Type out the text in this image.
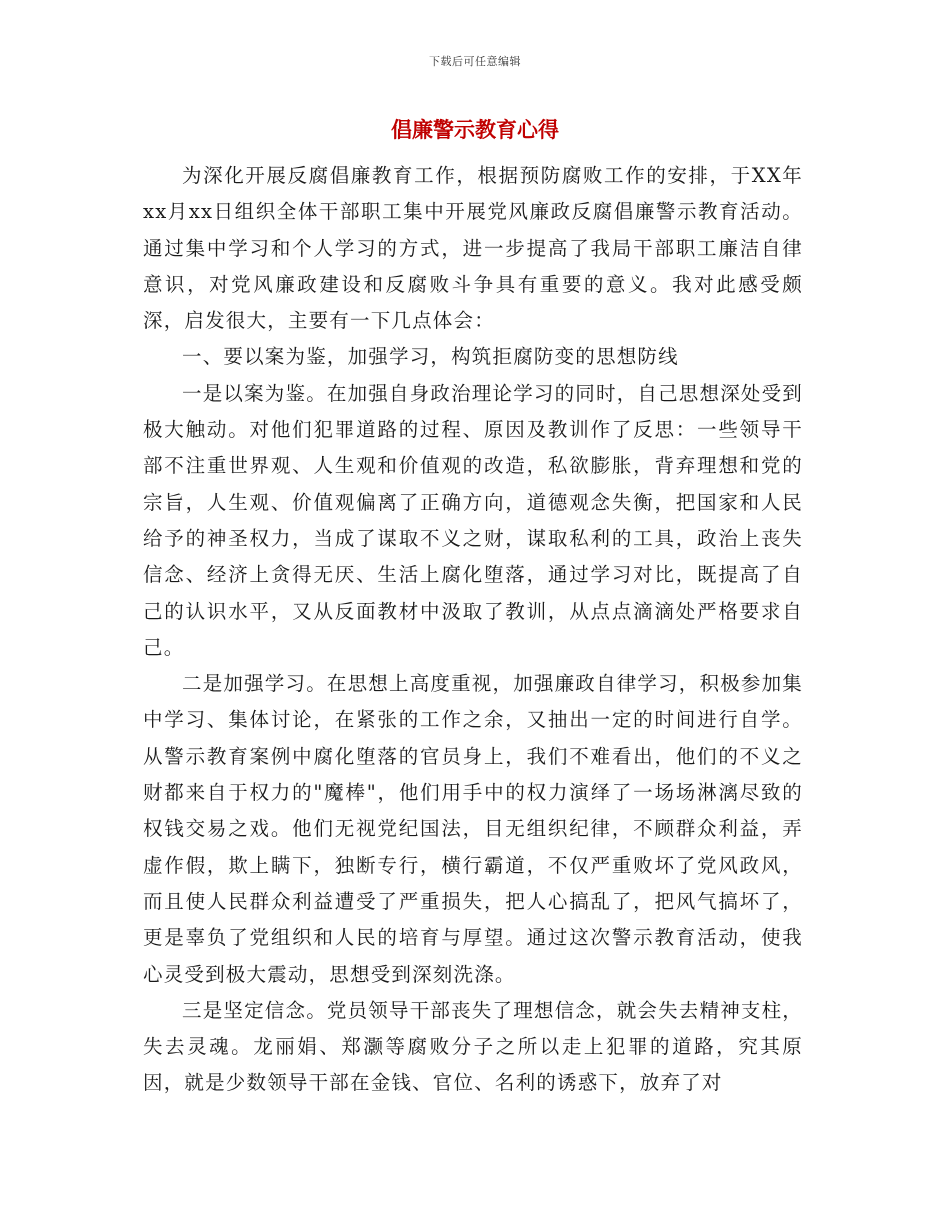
下载后可任意编辑
倡廉警示教育心得

为深化开展反腐倡廉教育工作，根据预防腐败工作的安排，于XX年xx月xx日组织全体干部职工集中开展党风廉政反腐倡廉警示教育活动。通过集中学习和个人学习的方式，进一步提高了我局干部职工廉洁自律意识，对党风廉政建设和反腐败斗争具有重要的意义。我对此感受颇深，启发很大，主要有一下几点体会：

一、要以案为鉴，加强学习，构筑拒腐防变的思想防线

一是以案为鉴。在加强自身政治理论学习的同时，自己思想深处受到极大触动。对他们犯罪道路的过程、原因及教训作了反思：一些领导干部不注重世界观、人生观和价值观的改造，私欲膨胀，背弃理想和党的宗旨，人生观、价值观偏离了正确方向，道德观念失衡，把国家和人民给予的神圣权力，当成了谋取不义之财，谋取私利的工具，政治上丧失信念、经济上贪得无厌、生活上腐化堕落，通过学习对比，既提高了自己的认识水平，又从反面教材中汲取了教训，从点点滴滴处严格要求自己。

二是加强学习。在思想上高度重视，加强廉政自律学习，积极参加集中学习、集体讨论，在紧张的工作之余，又抽出一定的时间进行自学。从警示教育案例中腐化堕落的官员身上，我们不难看出，他们的不义之财都来自于权力的"魔棒"，他们用手中的权力演绎了一场场淋漓尽致的权钱交易之戏。他们无视党纪国法，目无组织纪律，不顾群众利益，弄虚作假，欺上瞒下，独断专行，横行霸道，不仅严重败坏了党风政风，而且使人民群众利益遭受了严重损失，把人心搞乱了，把风气搞坏了，更是辜负了党组织和人民的培育与厚望。通过这次警示教育活动，使我心灵受到极大震动，思想受到深刻洗涤。

三是坚定信念。党员领导干部丧失了理想信念，就会失去精神支柱，失去灵魂。龙丽娟、郑灏等腐败分子之所以走上犯罪的道路，究其原因，就是少数领导干部在金钱、官位、名利的诱惑下，放弃了对
